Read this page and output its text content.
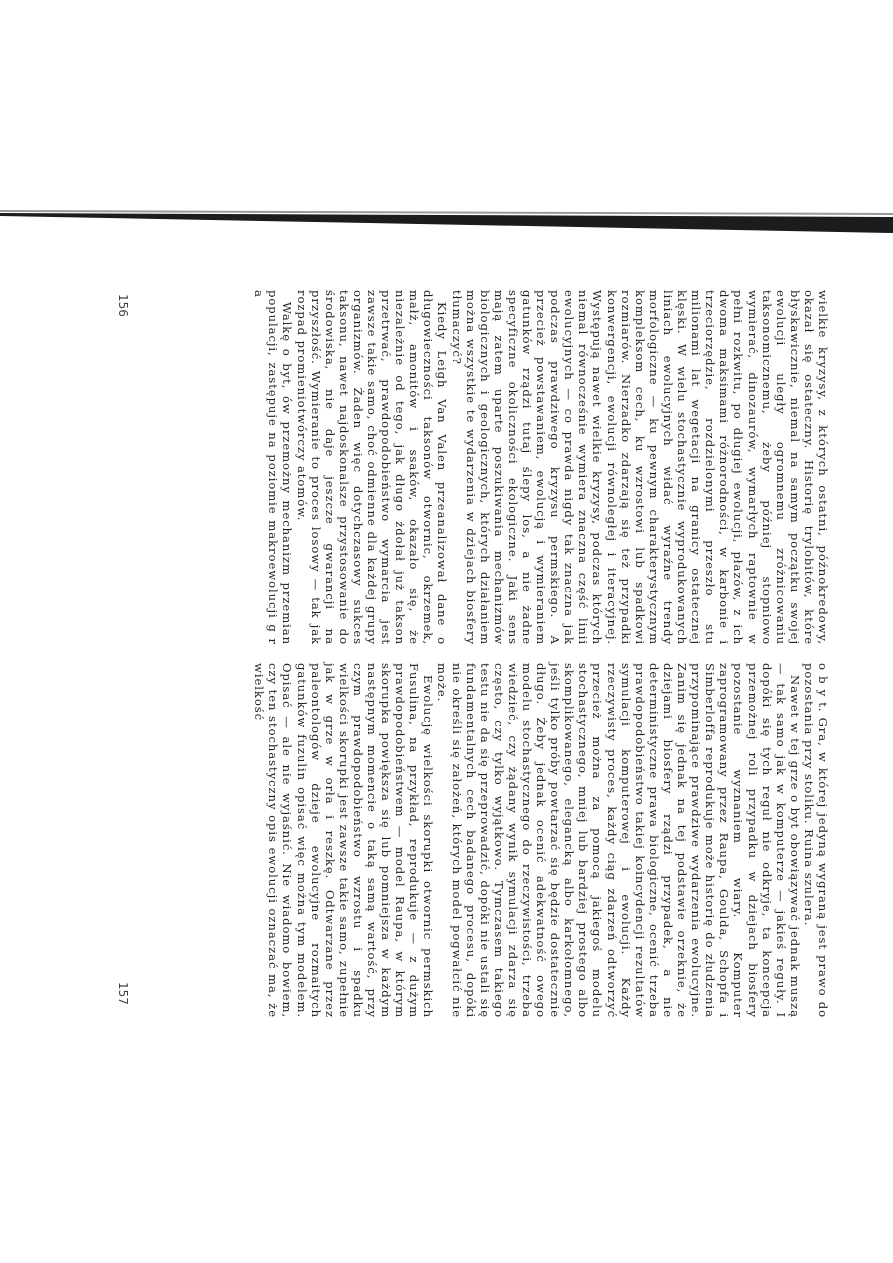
wielkie kryzysy, z których ostatni, późnokredowy, okazał się ostateczny. Historię trylobitów, które błyskawicznie, niemal na samym początku swojej ewolucji uległy ogromnemu zróżnicowaniu taksonomicznemu, żeby później stopniowo wymierać, dinozaurów, wymarłych raptownie w pełni rozkwitu, po długiej ewolucji, płazów, z ich dwoma maksimami różnorodności, w karbonie i trzeciorzędzie, rozdzielonymi przeszło stu milionami lat wegetacji na granicy ostatecznej klęski. W wielu stochastycznie wyprodukowanych liniach ewolucyjnych widać wyraźne trendy morfologiczne — ku pewnym charakterystycznym kompleksom cech, ku wzrostowi lub spadkowi rozmiarów. Nierzadko zdarzają się też przypadki konwergencji, ewolucji równoległej i iteracyjnej. Występują nawet wielkie kryzysy, podczas których niemal równocześnie wymiera znaczna część linii ewolucyjnych — co prawda nigdy tak znaczna jak podczas prawdziwego kryzysu permskiego. A przecież powstawaniem, ewolucją i wymieraniem gatunków rządzi tutaj ślepy los, a nie żadne specyficzne okoliczności ekologiczne. Jaki sens mają zatem uparte poszukiwania mechanizmów biologicznych i geologicznych, których działaniem można wszystkie te wydarzenia w dziejach biosfery tłumaczyć?

Kiedy Leigh Van Valen przeanalizował dane o długowieczności taksonów otwornic, okrzemek, małż, amonitów i ssaków, okazało się, że niezależnie od tego, jak długo żdołał już takson przetrwać, prawdopodobieństwo wymarcia jest zawsze takie samo, choć odmienne dla każdej grupy organizmów. Żaden więc dotychczasowy sukces taksonu, nawet najdoskonalsze przystosowanie do środowiska, nie daje jeszcze gwarancji na przyszłość. Wymieranie to proces losowy — tak jak rozpad promieniotwórczy atomów.

Walkę o byt, ów przemożny mechanizm przemian populacji, zastępuje na poziomie makroewolucji g r a

o b y t. Gra, w której jedyną wygraną jest prawo do pozostania przy stoliku. Ruina szulera.

Nawet w tej grze o byt obowiązywać jednak muszą — tak samo jak w komputerze — jakieś reguły. I dopóki się tych reguł nie odkryje, ta koncepcja przemożnej roli przypadku w dziejach biosfery pozostanie wyznaniem wiary. Komputer zaprogramowany przez Raupa, Goulda, Schopfa i Simberloffa reprodukuje może historię do złudzenia przypominające prawdziwe wydarzenia ewolucyjne. Zanim się jednak na tej podstawie orzeknie, że dziejami biosfery rządzi przypadek, a nie deterministyczne prawa biologiczne, ocenić trzeba prawdopodobieństwo takiej koincydencji rezultatów symulacji komputerowej i ewolucji. Każdy rzeczywisty proces, każdy ciąg zdarzeń odtworzyć przecież można za pomocą jakiegoś modelu stochastycznego, mniej lub bardziej prostego albo skomplikowanego, elegancką albo karkołomnego, jeśli tylko próby powtarzać się będzie dostatecznie długo. Żeby jednak ocenić adekwatność owego modelu stochastycznego do rzeczywistości, trzeba wiedzieć, czy żądany wynik symulacji zdarza się często, czy tylko wyjątkowo. Tymczasem takiego testu nie da się przeprowadzić, dopóki nie ustali się fundamentalnych cech badanego procesu, dopóki nie określi się założeń, których model pogwałcić nie może.

Ewolucję wielkości skorupki otwornic permskich Fusulina, na przykład, reprodukuje — z dużym prawdopodobieństwem — model Raupa, w którym skorupka powiększa się lub pomniejsza w każdym następnym momencie o taką samą wartość, przy czym prawdopodobieństwo wzrostu i spadku wielkości skorupki jest zawsze takie samo, zupełnie jak w grze w orła i reszkę. Odtwarzane przez paleontologów dzieje ewolucyjne rozmaitych gatunków fuzulin opisać więc można tym modelem. Opisać — ale nie wyjaśnić. Nie wiadomo bowiem, czy ten stochastyczny opis ewolucji oznaczać ma, że wielkość

156
157
